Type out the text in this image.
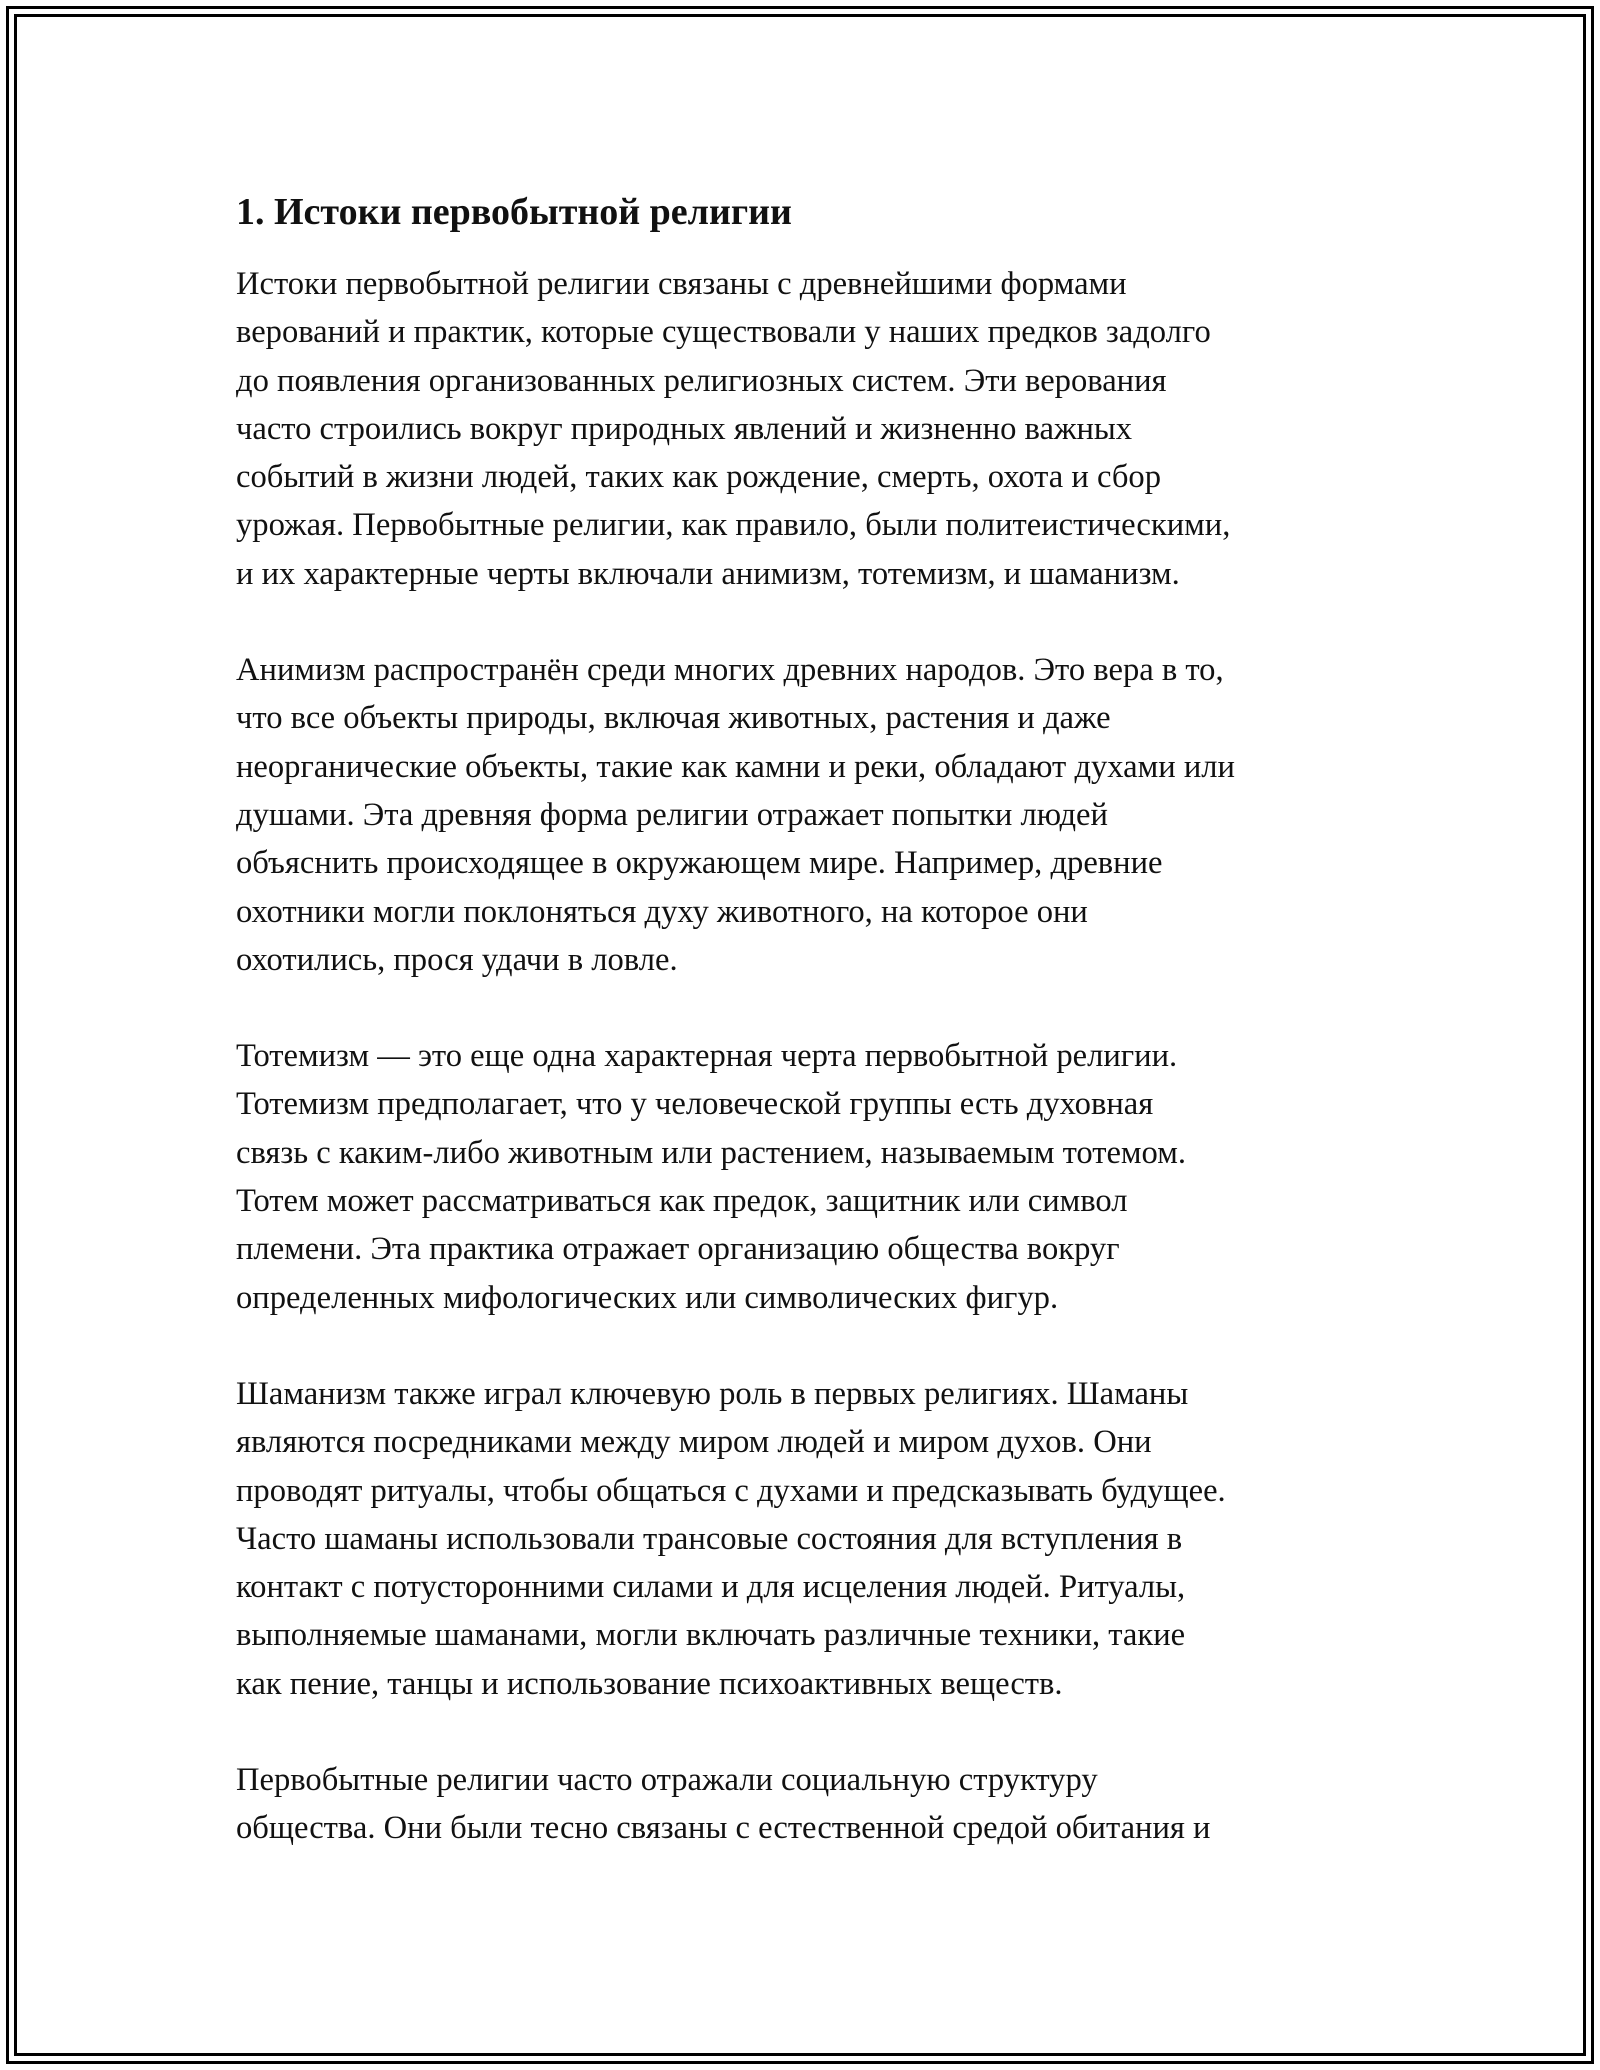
1. Истоки первобытной религии

Истоки первобытной религии связаны с древнейшими формами
верований и практик, которые существовали у наших предков задолго
до появления организованных религиозных систем. Эти верования
часто строились вокруг природных явлений и жизненно важных
событий в жизни людей, таких как рождение, смерть, охота и сбор
урожая. Первобытные религии, как правило, были политеистическими,
и их характерные черты включали анимизм, тотемизм, и шаманизм.

Анимизм распространён среди многих древних народов. Это вера в то,
что все объекты природы, включая животных, растения и даже
неорганические объекты, такие как камни и реки, обладают духами или
душами. Эта древняя форма религии отражает попытки людей
объяснить происходящее в окружающем мире. Например, древние
охотники могли поклоняться духу животного, на которое они
охотились, прося удачи в ловле.

Тотемизм — это еще одна характерная черта первобытной религии.
Тотемизм предполагает, что у человеческой группы есть духовная
связь с каким-либо животным или растением, называемым тотемом.
Тотем может рассматриваться как предок, защитник или символ
племени. Эта практика отражает организацию общества вокруг
определенных мифологических или символических фигур.

Шаманизм также играл ключевую роль в первых религиях. Шаманы
являются посредниками между миром людей и миром духов. Они
проводят ритуалы, чтобы общаться с духами и предсказывать будущее.
Часто шаманы использовали трансовые состояния для вступления в
контакт с потусторонними силами и для исцеления людей. Ритуалы,
выполняемые шаманами, могли включать различные техники, такие
как пение, танцы и использование психоактивных веществ.

Первобытные религии часто отражали социальную структуру
общества. Они были тесно связаны с естественной средой обитания и
